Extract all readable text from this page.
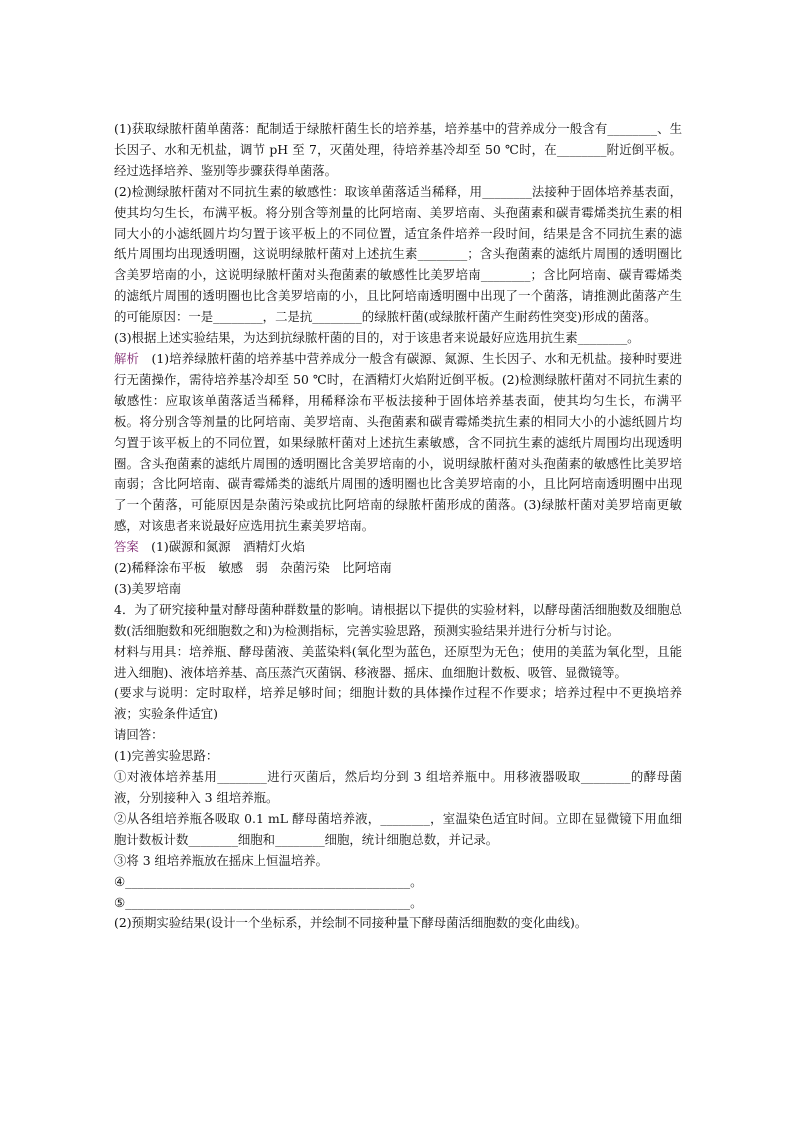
(1)获取绿脓杆菌单菌落：配制适于绿脓杆菌生长的培养基，培养基中的营养成分一般含有________、生长因子、水和无机盐，调节 pH 至 7，灭菌处理，待培养基冷却至 50 ℃时，在________附近倒平板。经过选择培养、鉴别等步骤获得单菌落。

(2)检测绿脓杆菌对不同抗生素的敏感性：取该单菌落适当稀释，用________法接种于固体培养基表面，使其均匀生长，布满平板。将分别含等剂量的比阿培南、美罗培南、头孢菌素和碳青霉烯类抗生素的相同大小的小滤纸圆片均匀置于该平板上的不同位置，适宜条件培养一段时间，结果是含不同抗生素的滤纸片周围均出现透明圈，这说明绿脓杆菌对上述抗生素________；含头孢菌素的滤纸片周围的透明圈比含美罗培南的小，这说明绿脓杆菌对头孢菌素的敏感性比美罗培南________；含比阿培南、碳青霉烯类的滤纸片周围的透明圈也比含美罗培南的小，且比阿培南透明圈中出现了一个菌落，请推测此菌落产生的可能原因：一是________，二是抗________的绿脓杆菌(或绿脓杆菌产生耐药性突变)形成的菌落。

(3)根据上述实验结果，为达到抗绿脓杆菌的目的，对于该患者来说最好应选用抗生素________。

解析　(1)培养绿脓杆菌的培养基中营养成分一般含有碳源、氮源、生长因子、水和无机盐。接种时要进行无菌操作，需待培养基冷却至 50 ℃时，在酒精灯火焰附近倒平板。(2)检测绿脓杆菌对不同抗生素的敏感性：应取该单菌落适当稀释，用稀释涂布平板法接种于固体培养基表面，使其均匀生长，布满平板。将分别含等剂量的比阿培南、美罗培南、头孢菌素和碳青霉烯类抗生素的相同大小的小滤纸圆片均匀置于该平板上的不同位置，如果绿脓杆菌对上述抗生素敏感，含不同抗生素的滤纸片周围均出现透明圈。含头孢菌素的滤纸片周围的透明圈比含美罗培南的小，说明绿脓杆菌对头孢菌素的敏感性比美罗培南弱；含比阿培南、碳青霉烯类的滤纸片周围的透明圈也比含美罗培南的小，且比阿培南透明圈中出现了一个菌落，可能原因是杂菌污染或抗比阿培南的绿脓杆菌形成的菌落。(3)绿脓杆菌对美罗培南更敏感，对该患者来说最好应选用抗生素美罗培南。

答案　(1)碳源和氮源　酒精灯火焰

(2)稀释涂布平板　敏感　弱　杂菌污染　比阿培南

(3)美罗培南

4．为了研究接种量对酵母菌种群数量的影响。请根据以下提供的实验材料，以酵母菌活细胞数及细胞总数(活细胞数和死细胞数之和)为检测指标，完善实验思路，预测实验结果并进行分析与讨论。

材料与用具：培养瓶、酵母菌液、美蓝染料(氧化型为蓝色，还原型为无色；使用的美蓝为氧化型，且能进入细胞)、液体培养基、高压蒸汽灭菌锅、移液器、摇床、血细胞计数板、吸管、显微镜等。

(要求与说明：定时取样，培养足够时间；细胞计数的具体操作过程不作要求；培养过程中不更换培养液；实验条件适宜)

请回答：

(1)完善实验思路：

①对液体培养基用________进行灭菌后，然后均分到 3 组培养瓶中。用移液器吸取________的酵母菌液，分别接种入 3 组培养瓶。

②从各组培养瓶各吸取 0.1 mL 酵母菌培养液，________，室温染色适宜时间。立即在显微镜下用血细胞计数板计数________细胞和________细胞，统计细胞总数，并记录。

③将 3 组培养瓶放在摇床上恒温培养。

④______________________________________________。

⑤______________________________________________。

(2)预期实验结果(设计一个坐标系，并绘制不同接种量下酵母菌活细胞数的变化曲线)。
